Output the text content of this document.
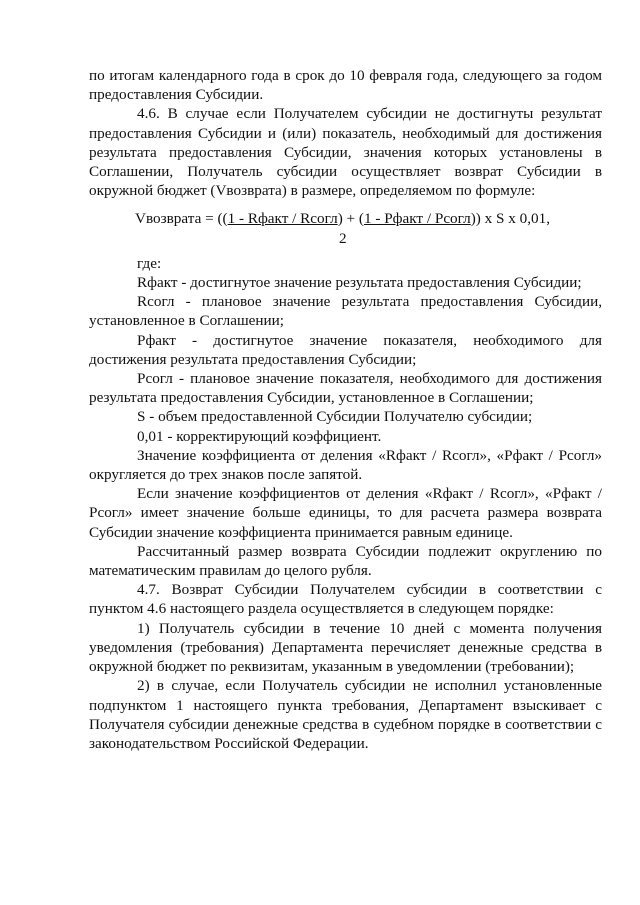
по итогам календарного года в срок до 10 февраля года, следующего за годом предоставления Субсидии.

4.6. В случае если Получателем субсидии не достигнуты результат предоставления Субсидии и (или) показатель, необходимый для достижения результата предоставления Субсидии, значения которых установлены в Соглашении, Получатель субсидии осуществляет возврат Субсидии в окружной бюджет (Vвозврата) в размере, определяемом по формуле:

Vвозврата = ((1 - Rфакт / Rсогл) + (1 - Pфакт / Pсогл)) x S x 0,01,
2

где:

Rфакт - достигнутое значение результата предоставления Субсидии;

Rсогл - плановое значение результата предоставления Субсидии, установленное в Соглашении;

Pфакт - достигнутое значение показателя, необходимого для достижения результата предоставления Субсидии;

Pсогл - плановое значение показателя, необходимого для достижения результата предоставления Субсидии, установленное в Соглашении;

S - объем предоставленной Субсидии Получателю субсидии;

0,01 - корректирующий коэффициент.

Значение коэффициента от деления «Rфакт / Rсогл», «Pфакт / Pсогл» округляется до трех знаков после запятой.

Если значение коэффициентов от деления «Rфакт / Rсогл», «Pфакт / Pсогл» имеет значение больше единицы, то для расчета размера возврата Субсидии значение коэффициента принимается равным единице.

Рассчитанный размер возврата Субсидии подлежит округлению по математическим правилам до целого рубля.

4.7. Возврат Субсидии Получателем субсидии в соответствии с пунктом 4.6 настоящего раздела осуществляется в следующем порядке:

1) Получатель субсидии в течение 10 дней с момента получения уведомления (требования) Департамента перечисляет денежные средства в окружной бюджет по реквизитам, указанным в уведомлении (требовании);

2) в случае, если Получатель субсидии не исполнил установленные подпунктом 1 настоящего пункта требования, Департамент взыскивает с Получателя субсидии денежные средства в судебном порядке в соответствии с законодательством Российской Федерации.
